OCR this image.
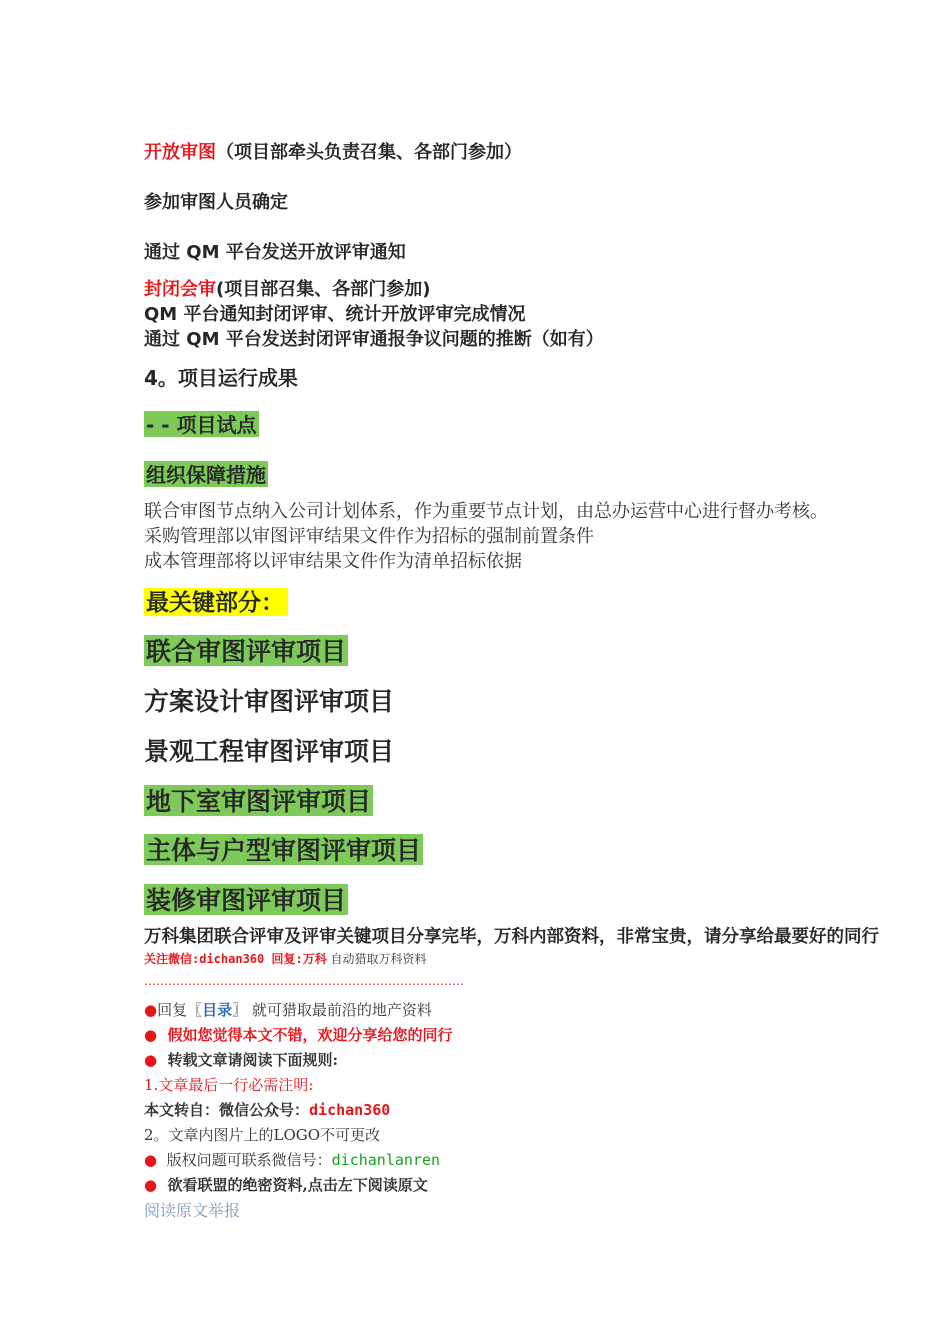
开放审图（项目部牵头负责召集、各部门参加）
参加审图人员确定
通过 QM 平台发送开放评审通知
封闭会审(项目部召集、各部门参加)
QM 平台通知封闭评审、统计开放评审完成情况
通过 QM 平台发送封闭评审通报争议问题的推断（如有）
4。项目运行成果
- - 项目试点
组织保障措施
联合审图节点纳入公司计划体系，作为重要节点计划，由总办运营中心进行督办考核。
采购管理部以审图评审结果文件作为招标的强制前置条件
成本管理部将以评审结果文件作为清单招标依据
最关键部分：
联合审图评审项目
方案设计审图评审项目
景观工程审图评审项目
地下室审图评审项目
主体与户型审图评审项目
装修审图评审项目
万科集团联合评审及评审关键项目分享完毕，万科内部资料，非常宝贵，请分享给最要好的同行
关注微信:dichan360 回复:万科 自动猎取万科资料
……………………………………………………………………..
●回复〖目录〗 就可猎取最前沿的地产资料
● 假如您觉得本文不错，欢迎分享给您的同行
● 转载文章请阅读下面规则:
1.文章最后一行必需注明:
本文转自：微信公众号：dichan360
2。文章内图片上的LOGO不可更改
● 版权问题可联系微信号：dichanlanren
● 欲看联盟的绝密资料,点击左下阅读原文
阅读原文举报
